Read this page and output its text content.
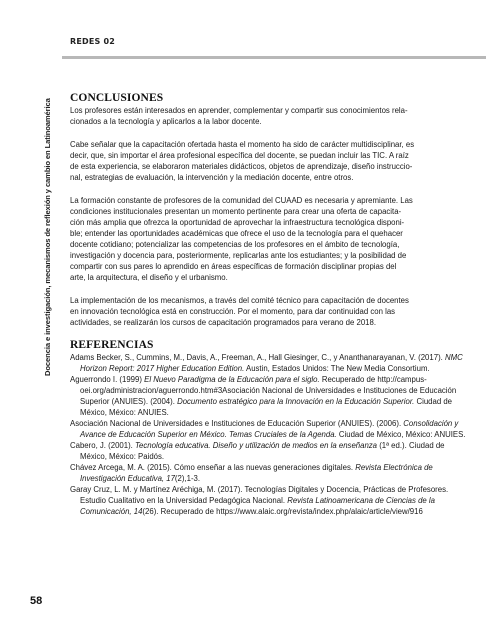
REDES 02
Docencia e investigación, mecanismos de reflexión y cambio en Latinoamérica
CONCLUSIONES

Los profesores están interesados en aprender, complementar y compartir sus conocimientos rela-

cionados a la tecnología y aplicarlos a la labor docente.

Cabe señalar que la capacitación ofertada hasta el momento ha sido de carácter multidisciplinar, es

decir, que, sin importar el área profesional específica del docente, se puedan incluir las TIC. A raíz

de esta experiencia, se elaboraron materiales didácticos, objetos de aprendizaje, diseño instruccio-

nal, estrategias de evaluación, la intervención y la mediación docente, entre otros.

La formación constante de profesores de la comunidad del CUAAD es necesaria y apremiante. Las

condiciones institucionales presentan un momento pertinente para crear una oferta de capacita-

ción más amplia que ofrezca la oportunidad de aprovechar la infraestructura tecnológica disponi-

ble; entender las oportunidades académicas que ofrece el uso de la tecnología para el quehacer

docente cotidiano; potencializar las competencias de los profesores en el ámbito de tecnología,

investigación y docencia para, posteriormente, replicarlas ante los estudiantes; y la posibilidad de

compartir con sus pares lo aprendido en áreas específicas de formación disciplinar propias del

arte, la arquitectura, el diseño y el urbanismo.

La implementación de los mecanismos, a través del comité técnico para capacitación de docentes

en innovación tecnológica está en construcción. Por el momento, para dar continuidad con las

actividades, se realizarán los cursos de capacitación programados para verano de 2018.

REFERENCIAS
Adams Becker, S., Cummins, M., Davis, A., Freeman, A., Hall Giesinger, C., y Ananthanarayanan, V. (2017). NMC Horizon Report: 2017 Higher Education Edition. Austin, Estados Unidos: The New Media Consortium.
Aguerrondo I. (1999) El Nuevo Paradigma de la Educación para el siglo. Recuperado de http://campus-oei.org/administracion/aguerrondo.htm#3Asociación Nacional de Universidades e Instituciones de Educación Superior (ANUIES). (2004). Documento estratégico para la Innovación en la Educación Superior. Ciudad de México, México: ANUIES.
Asociación Nacional de Universidades e Instituciones de Educación Superior (ANUIES). (2006). Consolidación y Avance de Educación Superior en México. Temas Cruciales de la Agenda. Ciudad de México, México: ANUIES.
Cabero, J. (2001). Tecnología educativa. Diseño y utilización de medios en la enseñanza (1ª ed.). Ciudad de México, México: Paidós.
Chávez Arcega, M. A. (2015). Cómo enseñar a las nuevas generaciones digitales. Revista Electrónica de Investigación Educativa, 17(2),1-3.
Garay Cruz, L. M. y Martínez Aréchiga, M. (2017). Tecnologías Digitales y Docencia, Prácticas de Profesores. Estudio Cualitativo en la Universidad Pedagógica Nacional. Revista Latinoamericana de Ciencias de la Comunicación, 14(26). Recuperado de https://www.alaic.org/revista/index.php/alaic/article/view/916
58
